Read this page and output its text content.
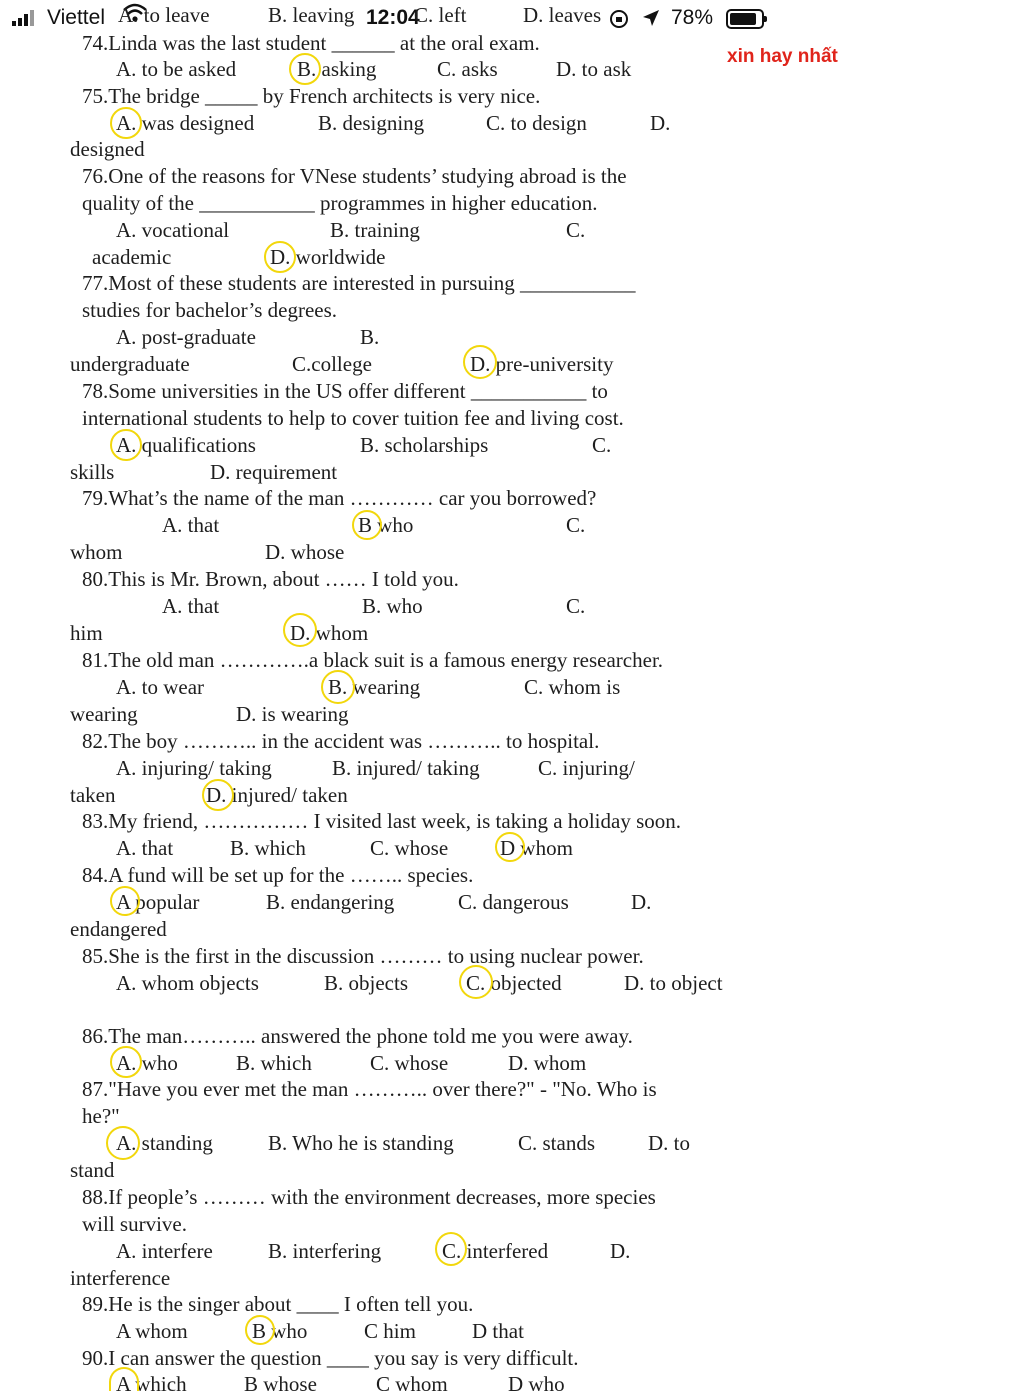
Viettel	12:04	78%
A. to leave	B. leaving	C. left	D. leaves
xin hay nhất
74.Linda was the last student ______ at the oral exam.
A. to be asked	B. asking	C. asks	D. to ask
75.The bridge _____ by French architects is very nice.
A. was designed	B. designing	C. to design	D.
designed
76.One of the reasons for VNese students’ studying abroad is the
quality of the ___________ programmes in higher education.
A. vocational	B. training	C.
academic	D. worldwide
77.Most of these students are interested in pursuing ___________
studies for bachelor’s degrees.
A. post-graduate	B.
undergraduate	C.college	D. pre-university
78.Some universities in the US offer different ___________ to
international students to help to cover tuition fee and living cost.
A. qualifications	B. scholarships	C.
skills	D. requirement
79.What’s the name of the man ………… car you borrowed?
A. that	B who	C.
whom	D. whose
80.This is Mr. Brown, about …… I told you.
A. that	B. who	C.
him	D. whom
81.The old man ………….a black suit is a famous energy researcher.
A. to wear	B. wearing	C. whom is
wearing	D. is wearing
82.The boy ……….. in the accident was ……….. to hospital.
A. injuring/ taking	B. injured/ taking	C. injuring/
taken	D. injured/ taken
83.My friend, …………… I visited last week, is taking a holiday soon.
A. that	B. which	C. whose D whom
84.A fund will be set up for the …….. species.
A popular	B. endangering	C. dangerous	D.
endangered
85.She is the first in the discussion ……… to using nuclear power.
A. whom objects	B. objects	C. objected	D. to object
86.The man……….. answered the phone told me you were away.
A. who	B. which	C. whose	D. whom
87."Have you ever met the man ……….. over there?" - "No. Who is
he?"
A. standing	B. Who he is standing	C. stands	D. to
stand
88.If people’s ……… with the environment decreases, more species
will survive.
A. interfere	B. interfering	C. interfered	D.
interference
89.He is the singer about ____ I often tell you.
A whom	B who	C him	D that
90.I can answer the question ____ you say is very difficult.
A which	B whose	C whom	D who
